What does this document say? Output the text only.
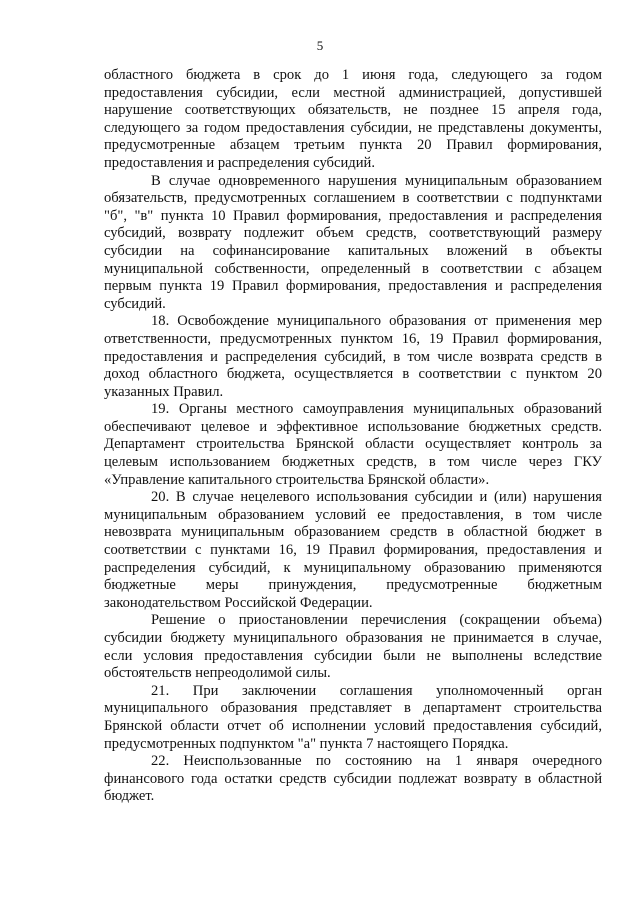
5

областного бюджета в срок до 1 июня года, следующего за годом предоставления субсидии, если местной администрацией, допустившей нарушение соответствующих обязательств, не позднее 15 апреля года, следующего за годом предоставления субсидии, не представлены документы, предусмотренные абзацем третьим пункта 20 Правил формирования, предоставления и распределения субсидий.

В случае одновременного нарушения муниципальным образованием обязательств, предусмотренных соглашением в соответствии с подпунктами "б", "в" пункта 10 Правил формирования, предоставления и распределения субсидий, возврату подлежит объем средств, соответствующий размеру субсидии на софинансирование капитальных вложений в объекты муниципальной собственности, определенный в соответствии с абзацем первым пункта 19 Правил формирования, предоставления и распределения субсидий.

18. Освобождение муниципального образования от применения мер ответственности, предусмотренных пунктом 16, 19 Правил формирования, предоставления и распределения субсидий, в том числе возврата средств в доход областного бюджета, осуществляется в соответствии с пунктом 20 указанных Правил.

19. Органы местного самоуправления муниципальных образований обеспечивают целевое и эффективное использование бюджетных средств. Департамент строительства Брянской области осуществляет контроль за целевым использованием бюджетных средств, в том числе через ГКУ «Управление капитального строительства Брянской области».

20. В случае нецелевого использования субсидии и (или) нарушения муниципальным образованием условий ее предоставления, в том числе невозврата муниципальным образованием средств в областной бюджет в соответствии с пунктами 16, 19 Правил формирования, предоставления и распределения субсидий, к муниципальному образованию применяются бюджетные меры принуждения, предусмотренные бюджетным законодательством Российской Федерации.

Решение о приостановлении перечисления (сокращении объема) субсидии бюджету муниципального образования не принимается в случае, если условия предоставления субсидии были не выполнены вследствие обстоятельств непреодолимой силы.

21. При заключении соглашения уполномоченный орган муниципального образования представляет в департамент строительства Брянской области отчет об исполнении условий предоставления субсидий, предусмотренных подпунктом "а" пункта 7 настоящего Порядка.

22. Неиспользованные по состоянию на 1 января очередного финансового года остатки средств субсидии подлежат возврату в областной бюджет.
